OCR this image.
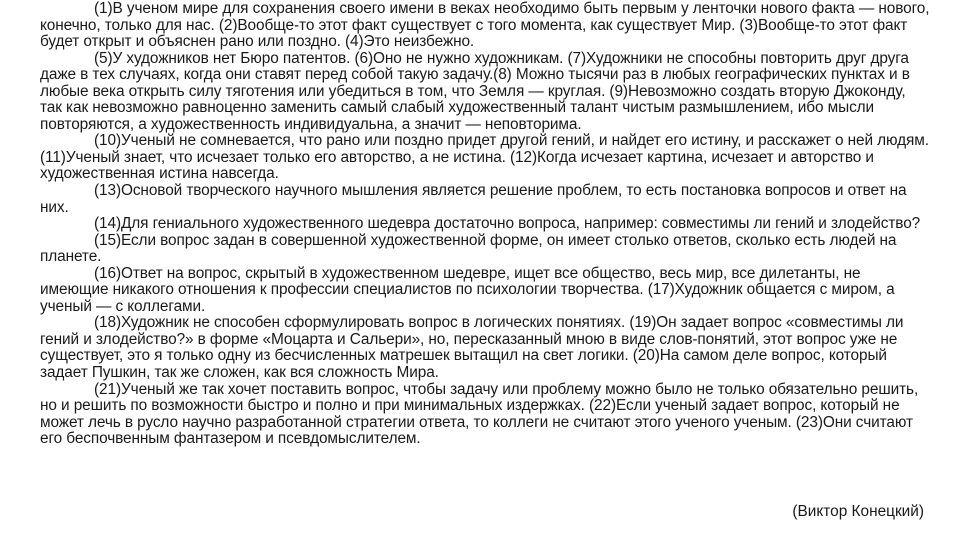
(1)В ученом мире для сохранения своего имени в веках необходимо быть первым у ленточки нового факта — нового, конечно, только для нас. (2)Вообще-то этот факт существует с того момента, как существует Мир. (3)Вообще-то этот факт будет открыт и объяснен рано или поздно. (4)Это неизбежно.

(5)У художников нет Бюро патентов. (6)Оно не нужно художникам. (7)Художники не способны повторить друг друга даже в тех случаях, когда они ставят перед собой такую задачу.(8) Можно тысячи раз в любых географических пунктах и в любые века открыть силу тяготения или убедиться в том, что Земля — круглая. (9)Невозможно создать вторую Джоконду, так как невозможно равноценно заменить самый слабый художественный талант чистым размышлением, ибо мысли повторяются, а художественность индивидуальна, а значит — неповторима.

(10)Ученый не сомневается, что рано или поздно придет другой гений, и найдет его истину, и расскажет о ней людям. (11)Ученый знает, что исчезает только его авторство, а не истина. (12)Когда исчезает картина, исчезает и авторство и художественная истина навсегда.

(13)Основой творческого научного мышления является решение проблем, то есть постановка вопросов и ответ на них.

(14)Для гениального художественного шедевра достаточно вопроса, например: совместимы ли гений и злодейство?

(15)Если вопрос задан в совершенной художественной форме, он имеет столько ответов, сколько есть людей на планете.

(16)Ответ на вопрос, скрытый в художественном шедевре, ищет все общество, весь мир, все дилетанты, не имеющие никакого отношения к профессии специалистов по психологии творчества. (17)Художник общается с миром, а ученый — с коллегами.

(18)Художник не способен сформулировать вопрос в логических понятиях. (19)Он задает вопрос «совместимы ли гений и злодейство?» в форме «Моцарта и Сальери», но, пересказанный мною в виде слов-понятий, этот вопрос уже не существует, это я только одну из бесчисленных матрешек вытащил на свет логики. (20)На самом деле вопрос, который задает Пушкин, так же сложен, как вся сложность Мира.

(21)Ученый же так хочет поставить вопрос, чтобы задачу или проблему можно было не только обязательно решить, но и решить по возможности быстро и полно и при минимальных издержках. (22)Если ученый задает вопрос, который не может лечь в русло научно разработанной стратегии ответа, то коллеги не считают этого ученого ученым. (23)Они считают его беспочвенным фантазером и псевдомыслителем.

(Виктор Конецкий)
